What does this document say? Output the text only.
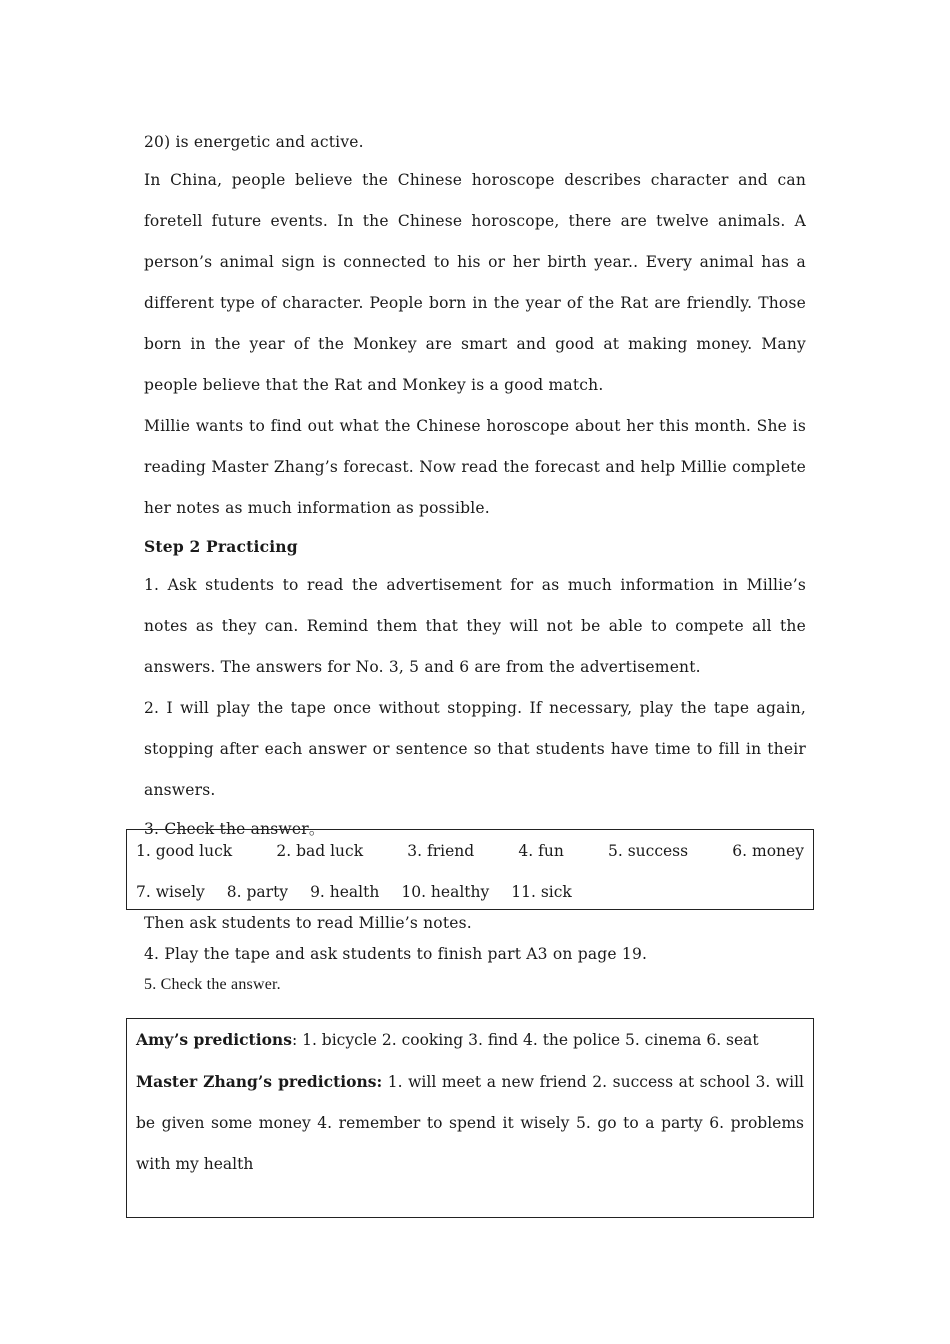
20) is energetic and active.

In China, people believe the Chinese horoscope describes character and can foretell future events. In the Chinese horoscope, there are twelve animals. A person’s animal sign is connected to his or her birth year.. Every animal has a different type of character. People born in the year of the Rat are friendly. Those born in the year of the Monkey are smart and good at making money. Many people believe that the Rat and Monkey is a good match.

Millie wants to find out what the Chinese horoscope about her this month. She is reading Master Zhang’s forecast. Now read the forecast and help Millie complete her notes as much information as possible.

Step 2 Practicing

1. Ask students to read the advertisement for as much information in Millie’s notes as they can. Remind them that they will not be able to compete all the answers. The answers for No. 3, 5 and 6 are from the advertisement.

2. I will play the tape once without stopping. If necessary, play the tape again, stopping after each answer or sentence so that students have time to fill in their answers.

3. Check the answer。

1. good luck	2. bad luck	3. friend	4. fun	5. success	6. money
7. wisely 8. party 9. health 10. healthy 11. sick

Then ask students to read Millie’s notes.

4. Play the tape and ask students to finish part A3 on page 19.

5. Check the answer.

Amy’s predictions: 1. bicycle 2. cooking 3. find 4. the police 5. cinema 6. seat
Master Zhang’s predictions: 1. will meet a new friend 2. success at school 3. will be given some money 4. remember to spend it wisely 5. go to a party 6. problems with my health
